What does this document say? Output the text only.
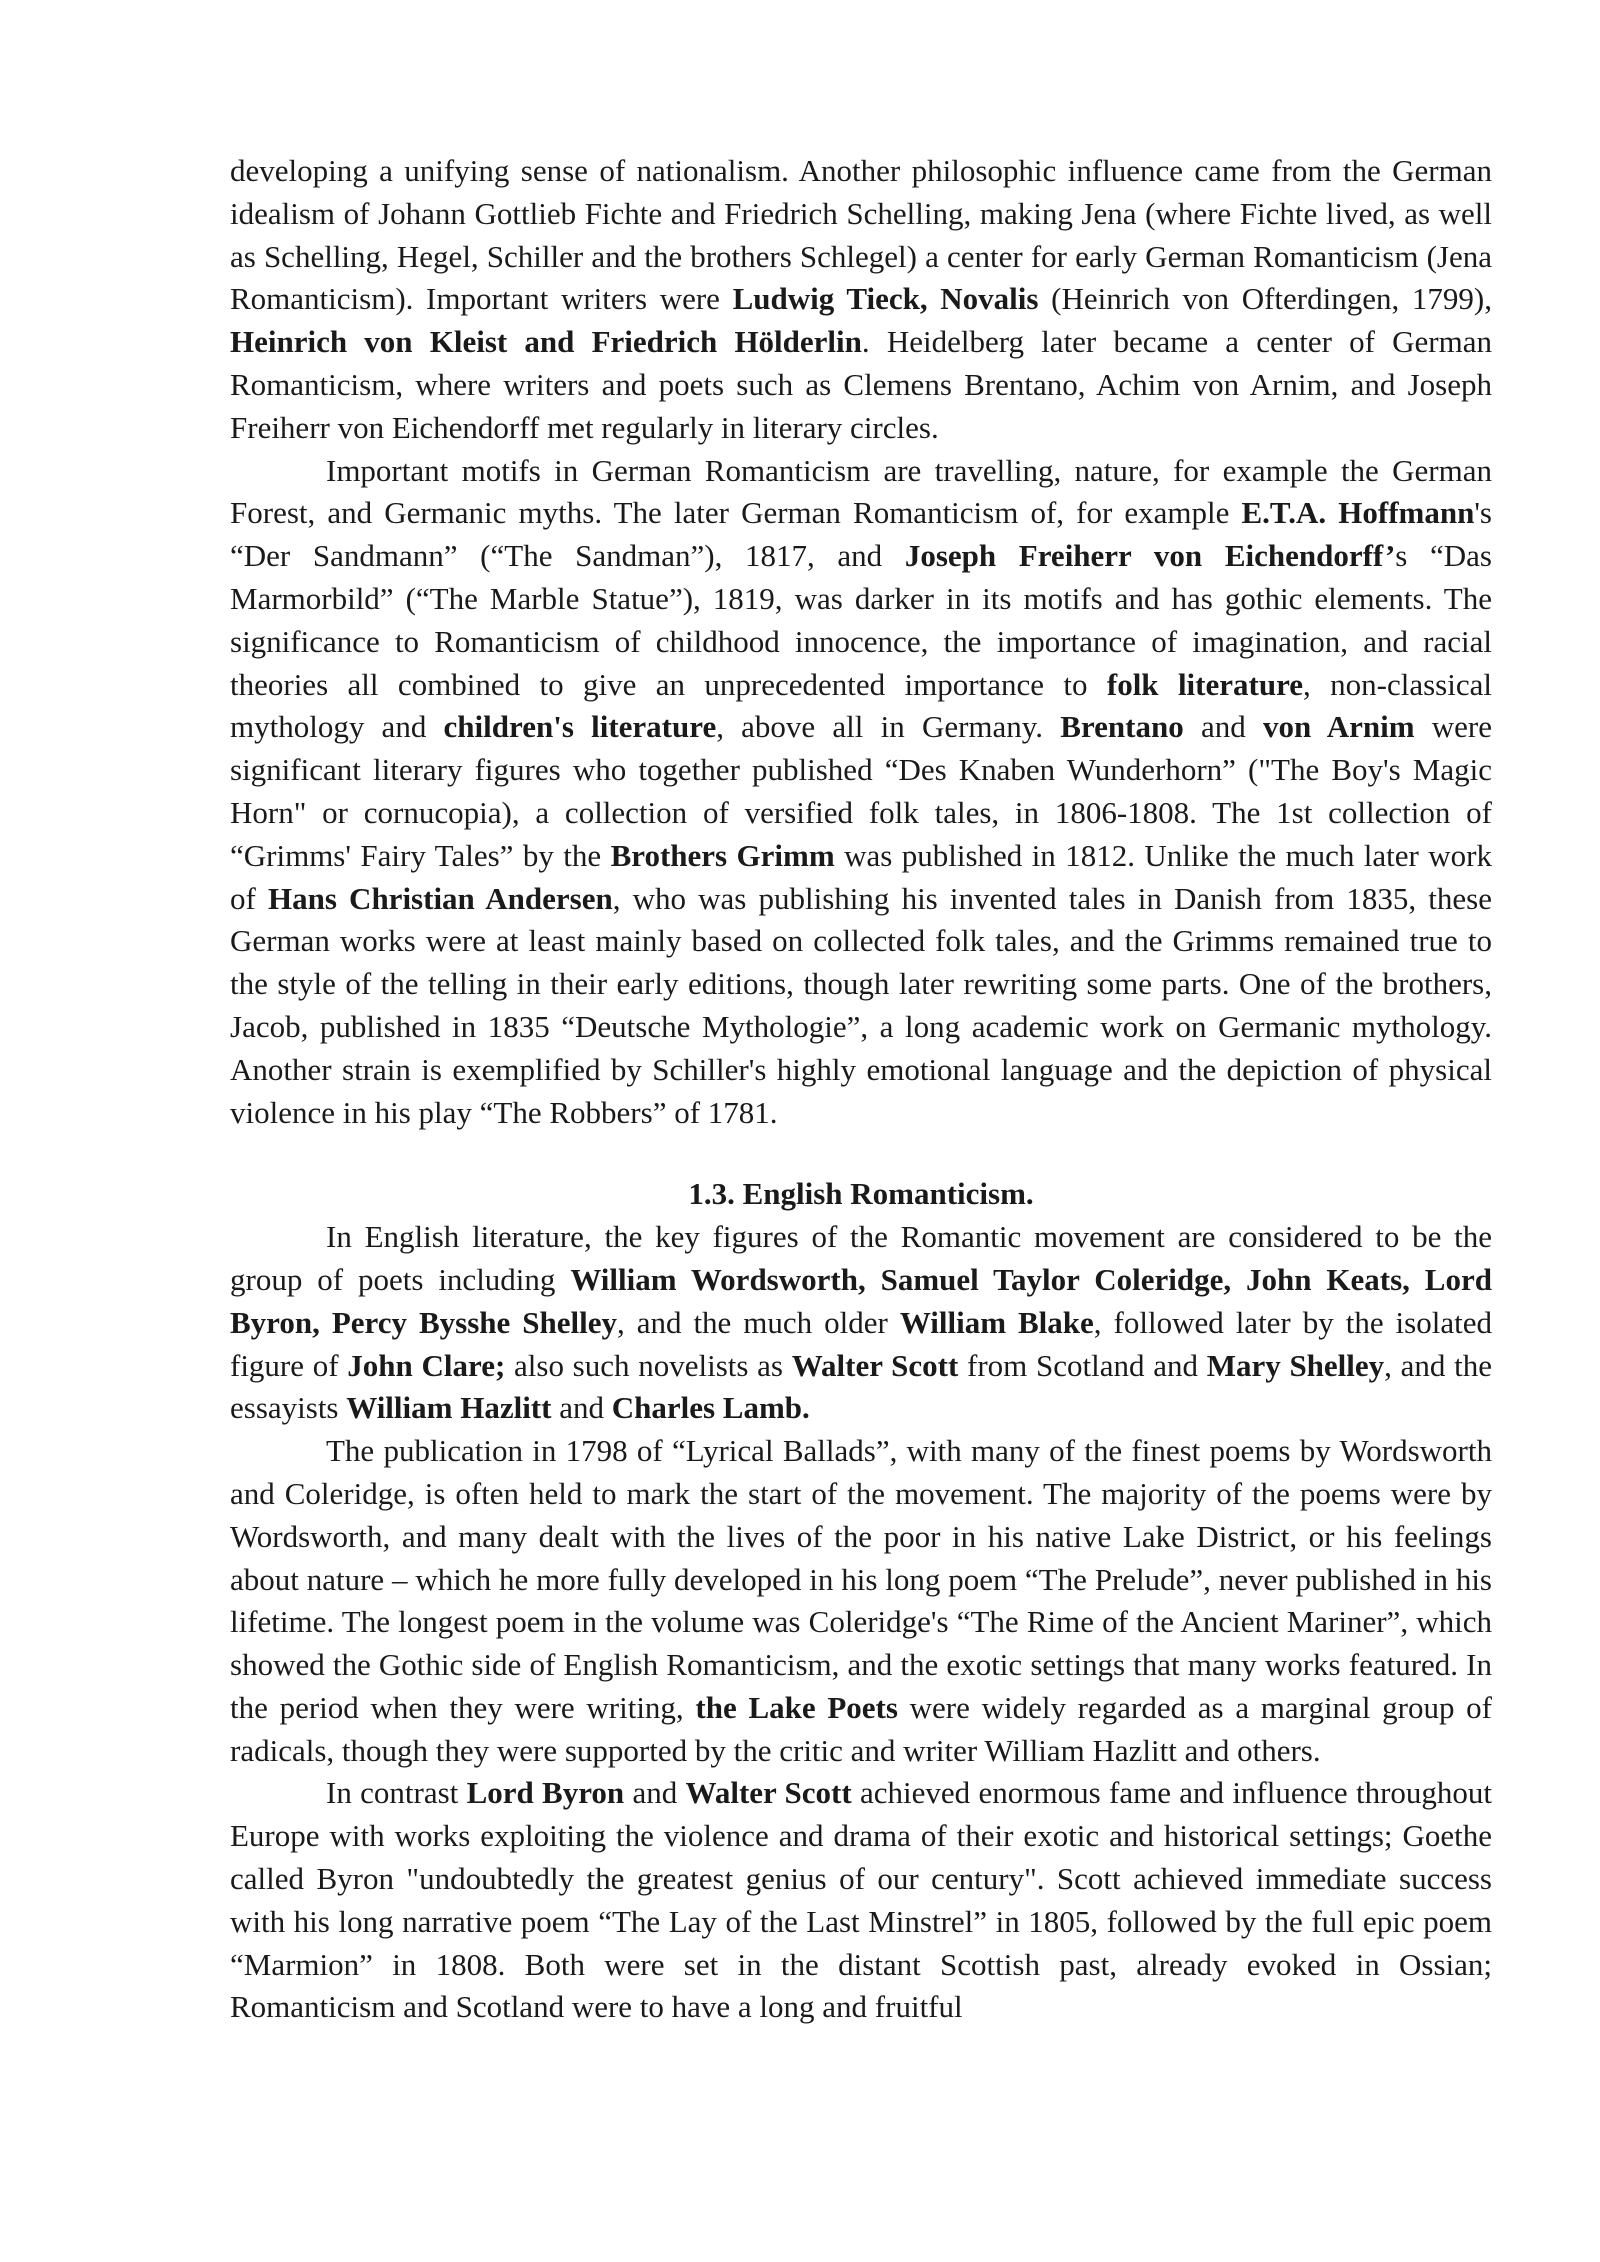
developing a unifying sense of nationalism. Another philosophic influence came from the German idealism of Johann Gottlieb Fichte and Friedrich Schelling, making Jena (where Fichte lived, as well as Schelling, Hegel, Schiller and the brothers Schlegel) a center for early German Romanticism (Jena Romanticism). Important writers were Ludwig Tieck, Novalis (Heinrich von Ofterdingen, 1799), Heinrich von Kleist and Friedrich Hölderlin. Heidelberg later became a center of German Romanticism, where writers and poets such as Clemens Brentano, Achim von Arnim, and Joseph Freiherr von Eichendorff met regularly in literary circles.

Important motifs in German Romanticism are travelling, nature, for example the German Forest, and Germanic myths. The later German Romanticism of, for example E.T.A. Hoffmann's “Der Sandmann” (“The Sandman”), 1817, and Joseph Freiherr von Eichendorff’s “Das Marmorbild” (“The Marble Statue”), 1819, was darker in its motifs and has gothic elements. The significance to Romanticism of childhood innocence, the importance of imagination, and racial theories all combined to give an unprecedented importance to folk literature, non-classical mythology and children's literature, above all in Germany. Brentano and von Arnim were significant literary figures who together published “Des Knaben Wunderhorn” ("The Boy's Magic Horn" or cornucopia), a collection of versified folk tales, in 1806-1808. The 1st collection of “Grimms' Fairy Tales” by the Brothers Grimm was published in 1812. Unlike the much later work of Hans Christian Andersen, who was publishing his invented tales in Danish from 1835, these German works were at least mainly based on collected folk tales, and the Grimms remained true to the style of the telling in their early editions, though later rewriting some parts. One of the brothers, Jacob, published in 1835 “Deutsche Mythologie”, a long academic work on Germanic mythology. Another strain is exemplified by Schiller's highly emotional language and the depiction of physical violence in his play “The Robbers” of 1781.

1.3. English Romanticism.

In English literature, the key figures of the Romantic movement are considered to be the group of poets including William Wordsworth, Samuel Taylor Coleridge, John Keats, Lord Byron, Percy Bysshe Shelley, and the much older William Blake, followed later by the isolated figure of John Clare; also such novelists as Walter Scott from Scotland and Mary Shelley, and the essayists William Hazlitt and Charles Lamb.

The publication in 1798 of “Lyrical Ballads”, with many of the finest poems by Wordsworth and Coleridge, is often held to mark the start of the movement. The majority of the poems were by Wordsworth, and many dealt with the lives of the poor in his native Lake District, or his feelings about nature – which he more fully developed in his long poem “The Prelude”, never published in his lifetime. The longest poem in the volume was Coleridge's “The Rime of the Ancient Mariner”, which showed the Gothic side of English Romanticism, and the exotic settings that many works featured. In the period when they were writing, the Lake Poets were widely regarded as a marginal group of radicals, though they were supported by the critic and writer William Hazlitt and others.

In contrast Lord Byron and Walter Scott achieved enormous fame and influence throughout Europe with works exploiting the violence and drama of their exotic and historical settings; Goethe called Byron "undoubtedly the greatest genius of our century". Scott achieved immediate success with his long narrative poem “The Lay of the Last Minstrel” in 1805, followed by the full epic poem “Marmion” in 1808. Both were set in the distant Scottish past, already evoked in Ossian; Romanticism and Scotland were to have a long and fruitful
